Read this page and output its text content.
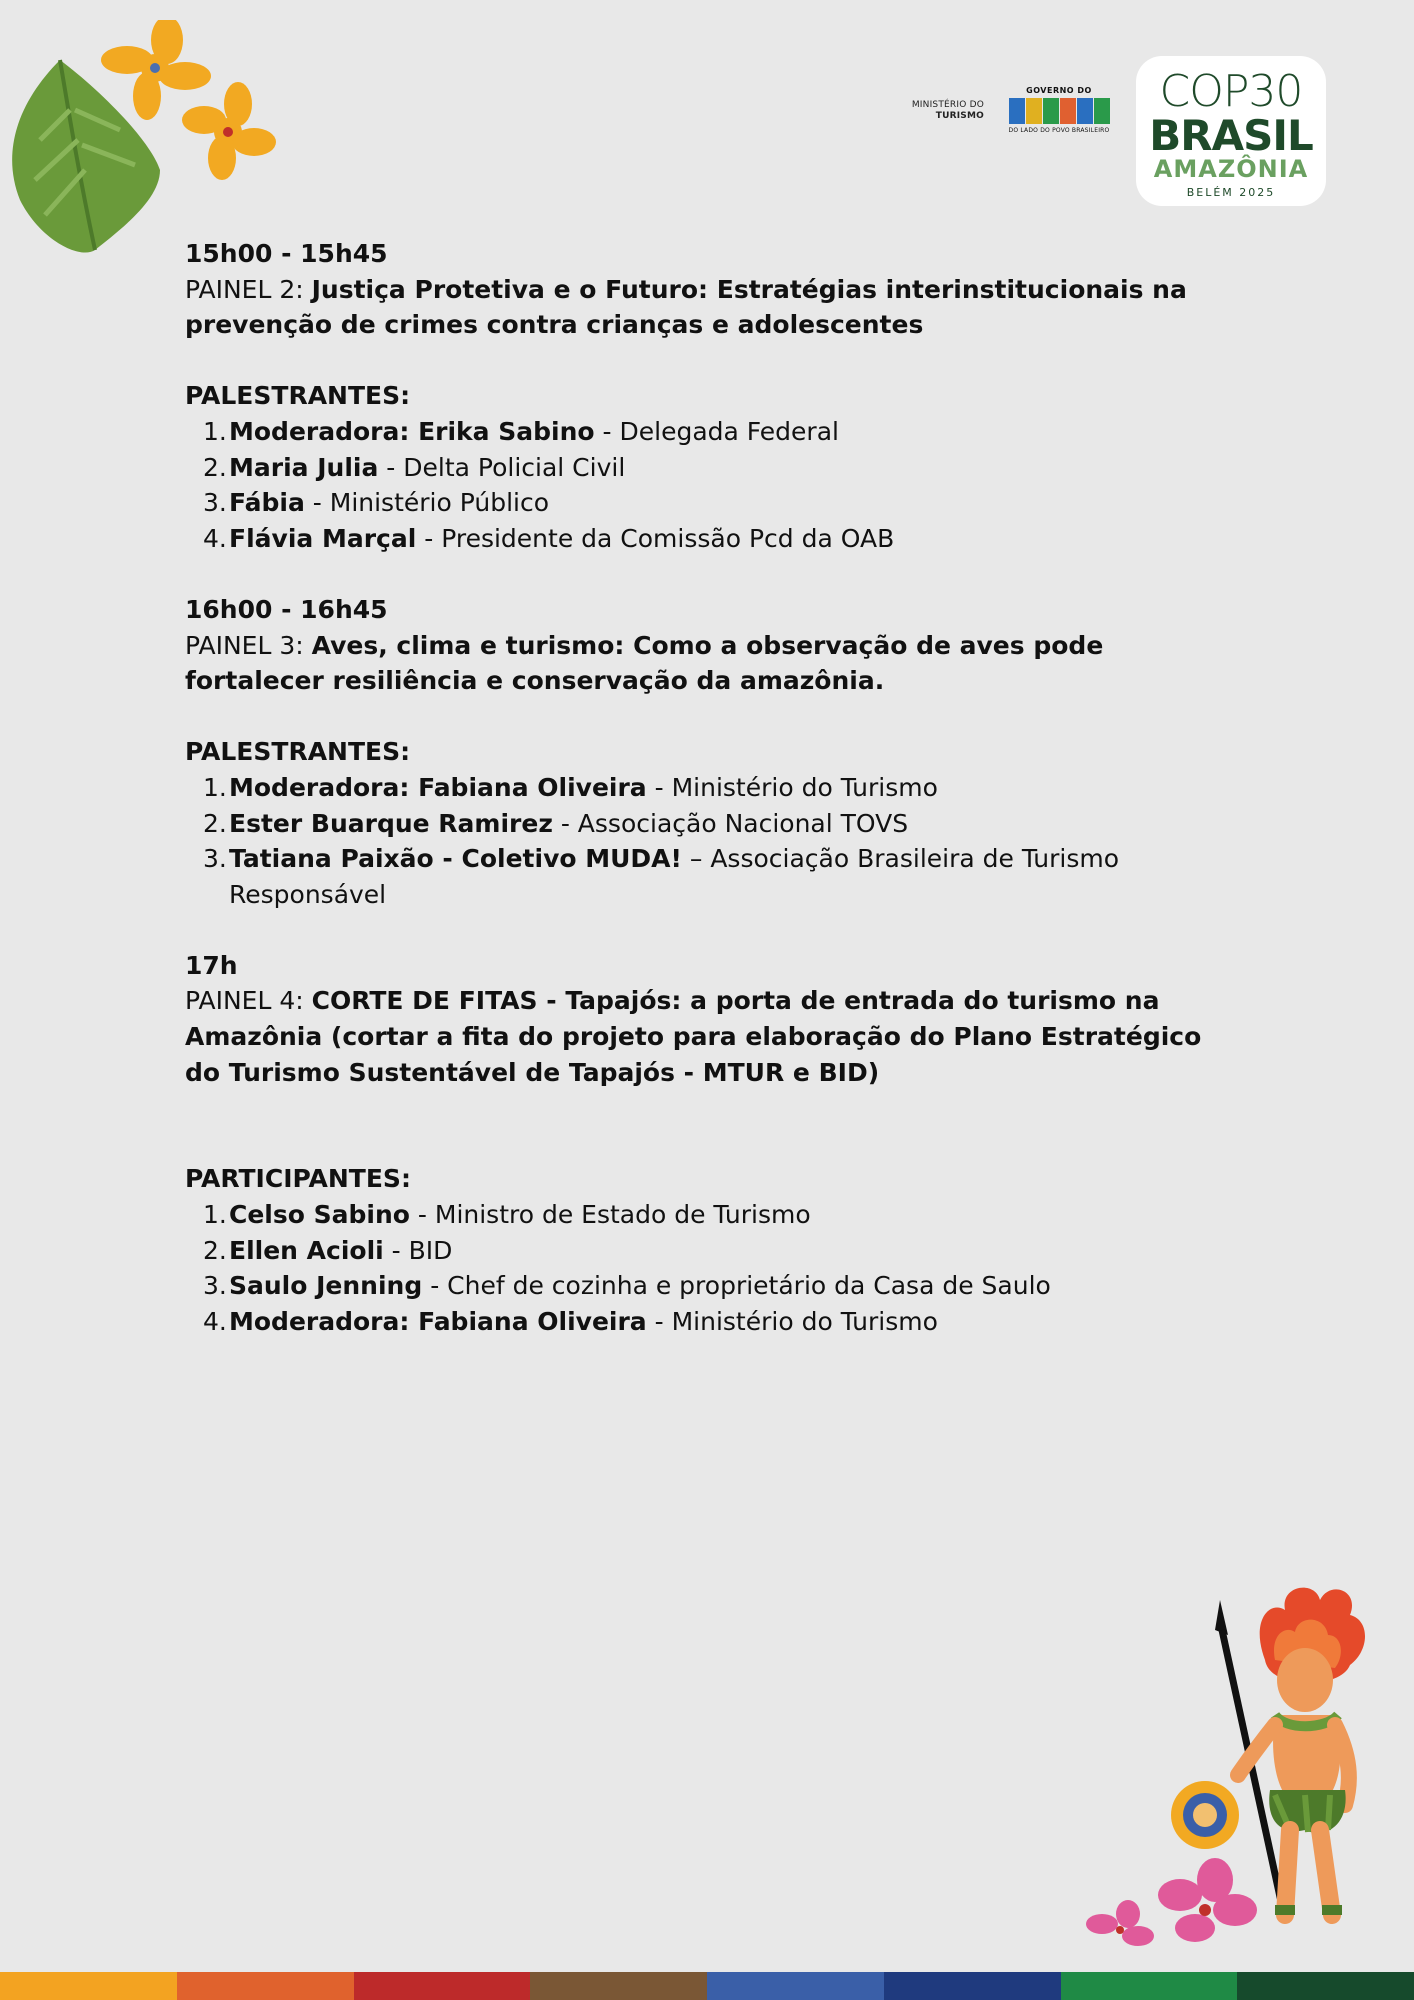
MINISTÉRIO DO
TURISMO
GOVERNO DO
DO LADO DO POVO BRASILEIRO
COP30
BRASIL
AMAZÔNIA
BELÉM 2025
15h00 - 15h45
PAINEL 2: Justiça Protetiva e o Futuro: Estratégias interinstitucionais na prevenção de crimes contra crianças e adolescentes
PALESTRANTES:
1. Moderadora: Erika Sabino - Delegada Federal
2. Maria Julia - Delta Policial Civil
3. Fábia - Ministério Público
4. Flávia Marçal - Presidente da Comissão Pcd da OAB
16h00 - 16h45
PAINEL 3: Aves, clima e turismo: Como a observação de aves pode fortalecer resiliência e conservação da amazônia.
PALESTRANTES:
1. Moderadora: Fabiana Oliveira - Ministério do Turismo
2. Ester Buarque Ramirez - Associação Nacional TOVS
3. Tatiana Paixão - Coletivo MUDA! – Associação Brasileira de Turismo Responsável
17h
PAINEL 4: CORTE DE FITAS - Tapajós: a porta de entrada do turismo na Amazônia (cortar a fita do projeto para elaboração do Plano Estratégico do Turismo Sustentável de Tapajós - MTUR e BID)
PARTICIPANTES:
1. Celso Sabino - Ministro de Estado de Turismo
2. Ellen Acioli - BID
3. Saulo Jenning - Chef de cozinha e proprietário da Casa de Saulo
4. Moderadora: Fabiana Oliveira - Ministério do Turismo
